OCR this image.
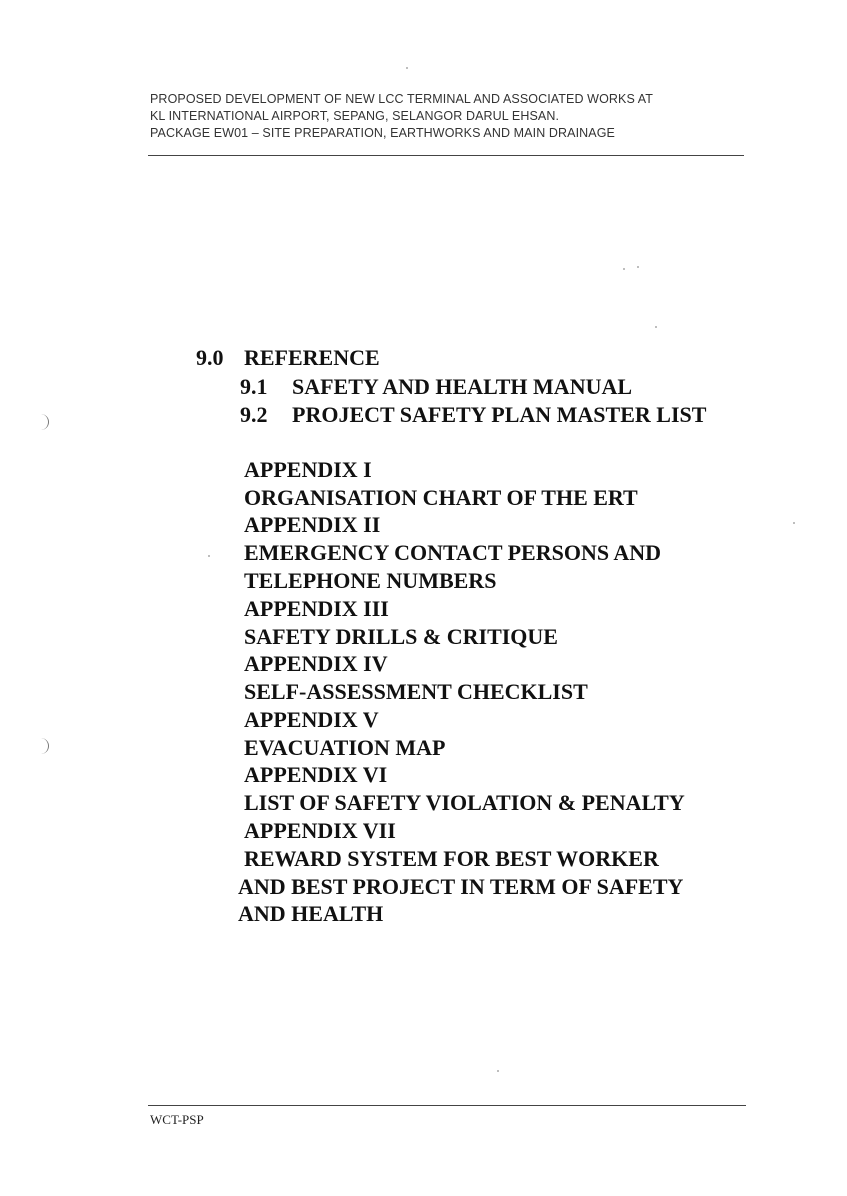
PROPOSED DEVELOPMENT OF NEW LCC TERMINAL AND ASSOCIATED WORKS AT
KL INTERNATIONAL AIRPORT, SEPANG, SELANGOR DARUL EHSAN.
PACKAGE EW01 – SITE PREPARATION, EARTHWORKS AND MAIN DRAINAGE
9.0 REFERENCE
9.1 SAFETY AND HEALTH MANUAL
9.2 PROJECT SAFETY PLAN MASTER LIST
APPENDIX I
ORGANISATION CHART OF THE ERT
APPENDIX II
EMERGENCY CONTACT PERSONS AND
TELEPHONE NUMBERS
APPENDIX III
SAFETY DRILLS & CRITIQUE
APPENDIX IV
SELF-ASSESSMENT CHECKLIST
APPENDIX V
EVACUATION MAP
APPENDIX VI
LIST OF SAFETY VIOLATION & PENALTY
APPENDIX VII
REWARD SYSTEM FOR BEST WORKER
AND BEST PROJECT IN TERM OF SAFETY
AND HEALTH
WCT-PSP
